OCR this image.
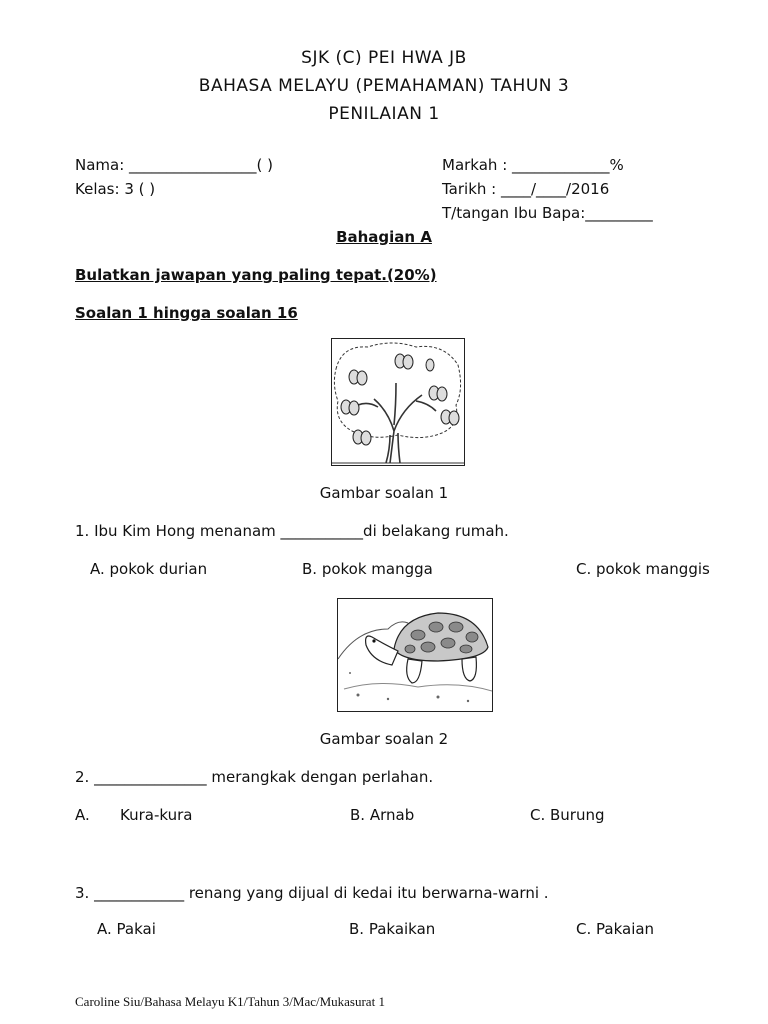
SJK (C) PEI HWA JB
BAHASA MELAYU (PEMAHAMAN) TAHUN 3
PENILAIAN 1
Nama: _________________( )
Kelas: 3 ( )
Markah : _____________%
Tarikh : ____/____/2016
T/tangan Ibu Bapa:_________
Bahagian A
Bulatkan jawapan yang paling tepat.(20%)
Soalan 1 hingga soalan 16
Gambar soalan 1
1. Ibu Kim Hong menanam ___________di belakang rumah.
A. pokok durian	B. pokok mangga	C. pokok manggis
Gambar soalan 2
2. _______________ merangkak dengan perlahan.
A. Kura-kura	B. Arnab	C. Burung
3. ____________ renang yang dijual di kedai itu berwarna-warni .
A. Pakai	B. Pakaikan	C. Pakaian
Caroline Siu/Bahasa Melayu K1/Tahun 3/Mac/Mukasurat 1
